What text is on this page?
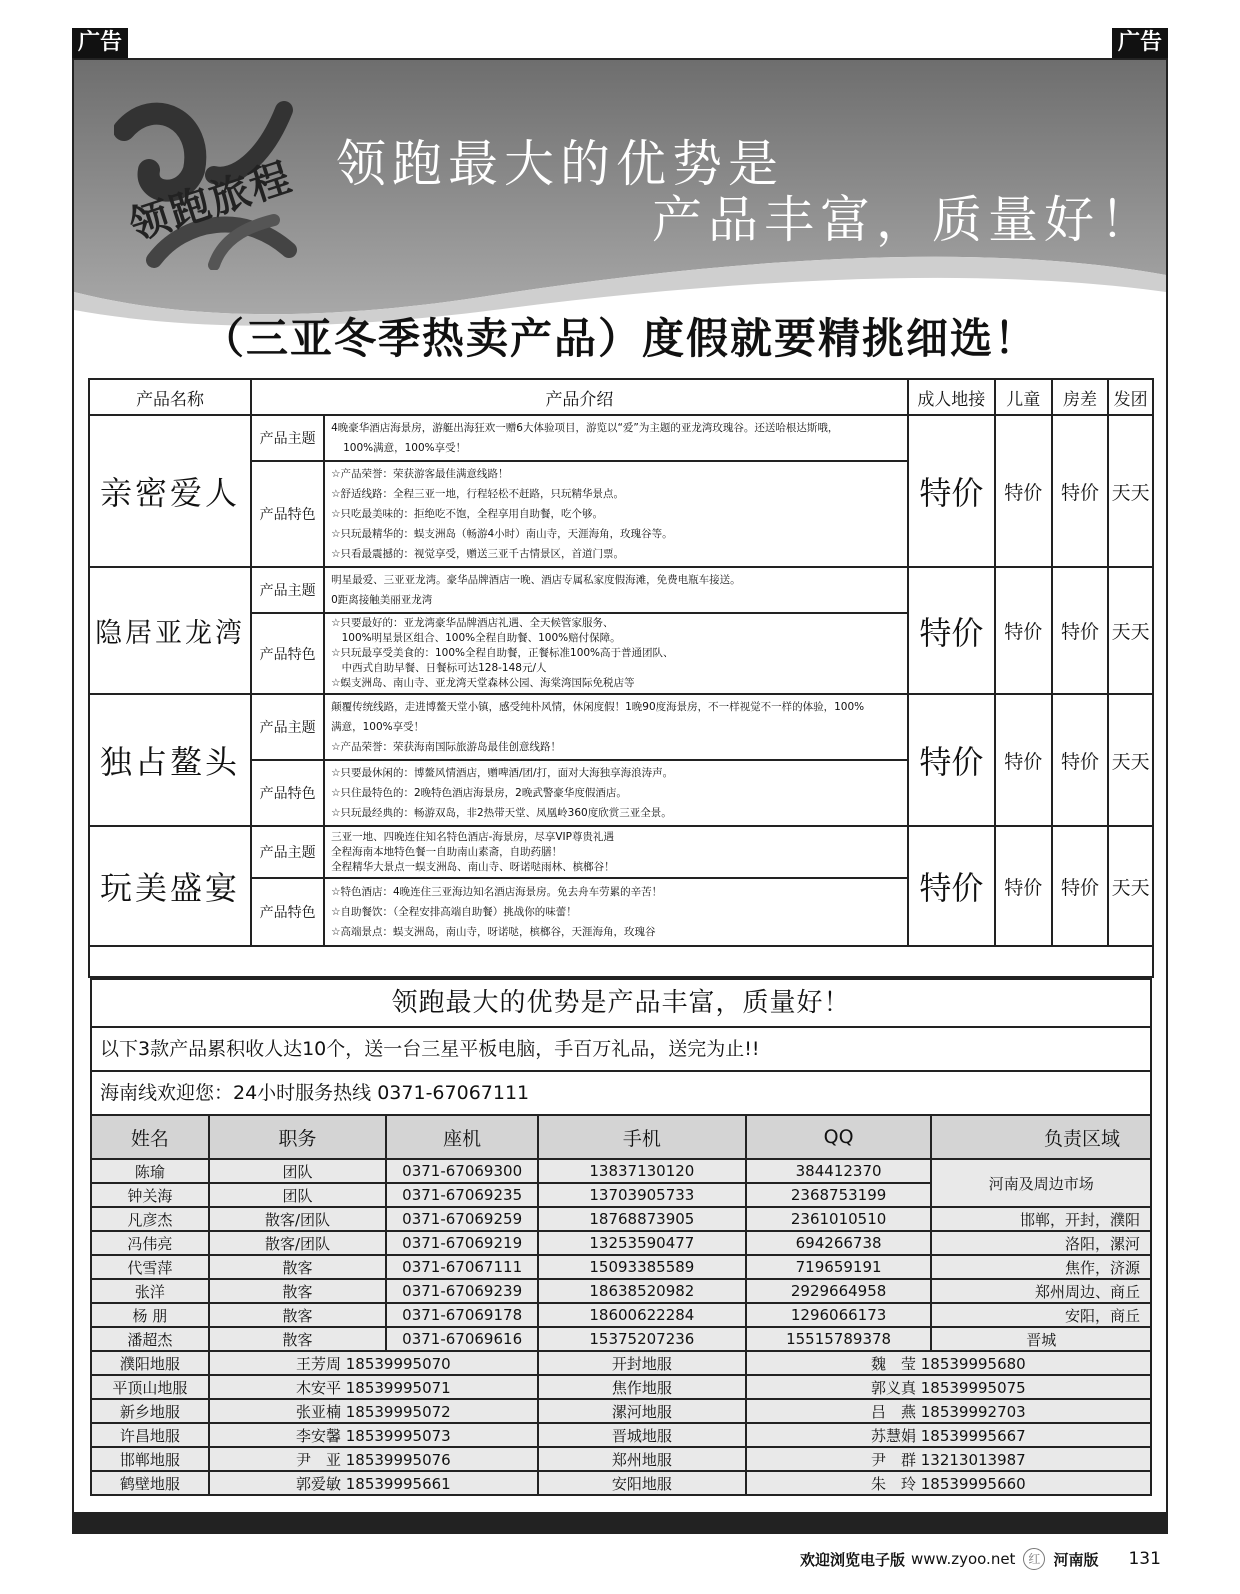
广告	广告
领跑旅程 领跑最大的优势是
产品丰富，质量好！
（三亚冬季热卖产品）度假就要精挑细选！
产品名称	产品介绍		成人地接	儿童	房差	发团
亲密爱人	产品主题	4晚豪华酒店海景房，游艇出海狂欢一赠6大体验项目，游览以“爱”为主题的亚龙湾玫瑰谷。还送哈根达斯哦，
100%满意，100%享受！	特价	特价	特价	天天
	产品特色	☆产品荣誉：荣获游客最佳满意线路！
☆舒适线路：全程三亚一地，行程轻松不赶路，只玩精华景点。
☆只吃最美味的：拒绝吃不饱，全程享用自助餐，吃个够。
☆只玩最精华的：蜈支洲岛（畅游4小时）南山寺，天涯海角，玫瑰谷等。
☆只看最震撼的：视觉享受，赠送三亚千古情景区，首道门票。				

隐居亚龙湾	产品主题	明星最爱、三亚亚龙湾。豪华品牌酒店一晚、酒店专属私家度假海滩，免费电瓶车接送。
0距离接触美丽亚龙湾	特价	特价	特价	天天
	产品特色	☆只要最好的：亚龙湾豪华品牌酒店礼遇、全天候管家服务、
　100%明星景区组合、100%全程自助餐、100%赔付保障。
☆只玩最享受美食的：100%全程自助餐，正餐标准100%高于普通团队、
　中西式自助早餐、日餐标可达128-148元/人
☆蜈支洲岛、南山寺、亚龙湾天堂森林公园、海棠湾国际免税店等				

独占鳌头	产品主题	颠覆传统线路，走进博鳌天堂小镇，感受纯朴风情，休闲度假！1晚90度海景房，不一样视觉不一样的体验，100%
满意，100%享受！
☆产品荣誉：荣获海南国际旅游岛最佳创意线路！	特价	特价	特价	天天
	产品特色	☆只要最休闲的：博鳌风情酒店，赠啤酒/团/打，面对大海独享海浪涛声。
☆只住最特色的：2晚特色酒店海景房，2晚武警豪华度假酒店。
☆只玩最经典的：畅游双岛，非2热带天堂、凤凰岭360度欣赏三亚全景。				

玩美盛宴	产品主题	三亚一地、四晚连住知名特色酒店-海景房，尽享VIP尊贵礼遇
全程海南本地特色餐一自助南山素斋，自助药膳！
全程精华大景点一蜈支洲岛、南山寺、呀诺哒雨林、槟榔谷！	特价	特价	特价	天天
	产品特色	☆特色酒店：4晚连住三亚海边知名酒店海景房。免去舟车劳累的辛苦！
☆自助餐饮：（全程安排高端自助餐）挑战你的味蕾！
☆高端景点：蜈支洲岛，南山寺，呀诺哒，槟榔谷，天涯海角，玫瑰谷				
领跑最大的优势是产品丰富，质量好！
以下3款产品累积收人达10个，送一台三星平板电脑，手百万礼品，送完为止!!
海南线欢迎您：24小时服务热线 0371-67067111
姓名	职务	座机	手机	QQ	负责区域
陈瑜	团队	0371-67069300	13837130120	384412370	河南及周边市场
钟关海	团队	0371-67069235	13703905733	2368753199	
凡彦杰	散客/团队	0371-67069259	18768873905	2361010510	邯郸，开封，濮阳
冯伟亮	散客/团队	0371-67069219	13253590477	694266738	洛阳，漯河
代雪萍	散客	0371-67067111	15093385589	719659191	焦作，济源
张洋	散客	0371-67069239	18638520982	2929664958	郑州周边、商丘
杨 朋	散客	0371-67069178	18600622284	1296066173	安阳，商丘
潘超杰	散客	0371-67069616	15375207236	15515789378	晋城
濮阳地服	王芳周 18539995070		开封地服	魏　莹 18539995680	
平顶山地服	木安平 18539995071		焦作地服	郭义真 18539995075	
新乡地服	张亚楠 18539995072		漯河地服	吕　燕 18539992703	
许昌地服	李安馨 18539995073		晋城地服	苏慧娟 18539995667	
邯郸地服	尹　亚 18539995076		郑州地服	尹　群 13213013987	
鹤壁地服	郭爱敏 18539995661		安阳地服	朱　玲 18539995660	
欢迎浏览电子版 www.zyoo.net	红 河南版 131
